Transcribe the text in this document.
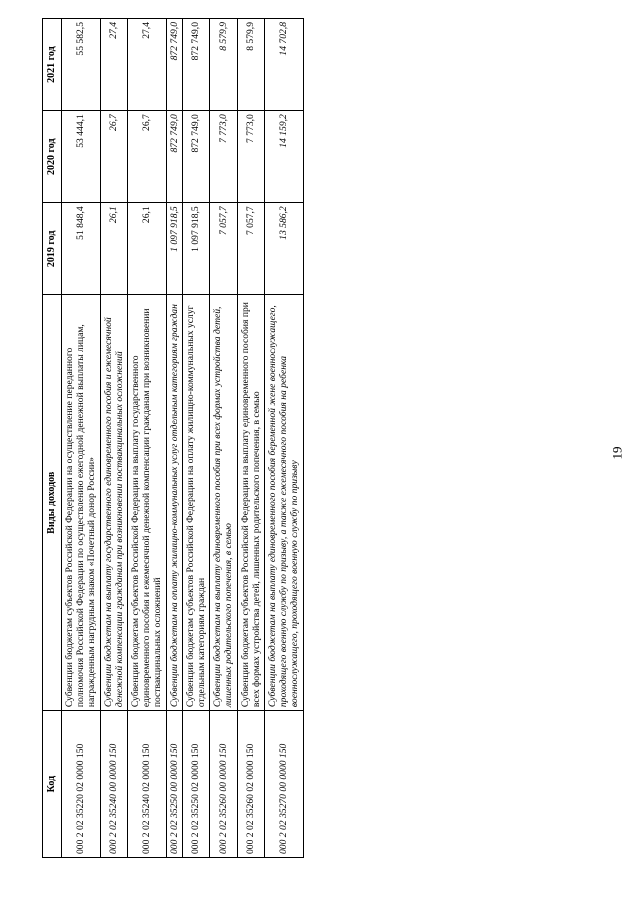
19
Код	Виды доходов	2019 год	2020 год	2021 год
000 2 02 35220 02 0000 150	Субвенции бюджетам субъектов Российской Федерации на осуществление переданного полномочия Российской Федерации по осуществлению ежегодной денежной выплаты лицам, награжденным нагрудным знаком «Почетный донор России»	51 848,4	53 444,1	55 582,5
000 2 02 35240 00 0000 150	Субвенции бюджетам на выплату государственного единовременного пособия и ежемесячной денежной компенсации гражданам при возникновении поствакцинальных осложнений	26,1	26,7	27,4
000 2 02 35240 02 0000 150	Субвенции бюджетам субъектов Российской Федерации на выплату государственного единовременного пособия и ежемесячной денежной компенсации гражданам при возникновении поствакцинальных осложнений	26,1	26,7	27,4
000 2 02 35250 00 0000 150	Субвенции бюджетам на оплату жилищно-коммунальных услуг отдельным категориям граждан	1 097 918,5	872 749,0	872 749,0
000 2 02 35250 02 0000 150	Субвенции бюджетам субъектов Российской Федерации на оплату жилищно-коммунальных услуг отдельным категориям граждан	1 097 918,5	872 749,0	872 749,0
000 2 02 35260 00 0000 150	Субвенции бюджетам на выплату единовременного пособия при всех формах устройства детей, лишенных родительского попечения, в семью	7 057,7	7 773,0	8 579,9
000 2 02 35260 02 0000 150	Субвенции бюджетам субъектов Российской Федерации на выплату единовременного пособия при всех формах устройства детей, лишенных родительского попечения, в семью	7 057,7	7 773,0	8 579,9
000 2 02 35270 00 0000 150	Субвенции бюджетам на выплату единовременного пособия беременной жене военнослужащего, проходящего военную службу по призыву, а также ежемесячного пособия на ребенка военнослужащего, проходящего военную службу по призыву	13 586,2	14 159,2	14 702,8
